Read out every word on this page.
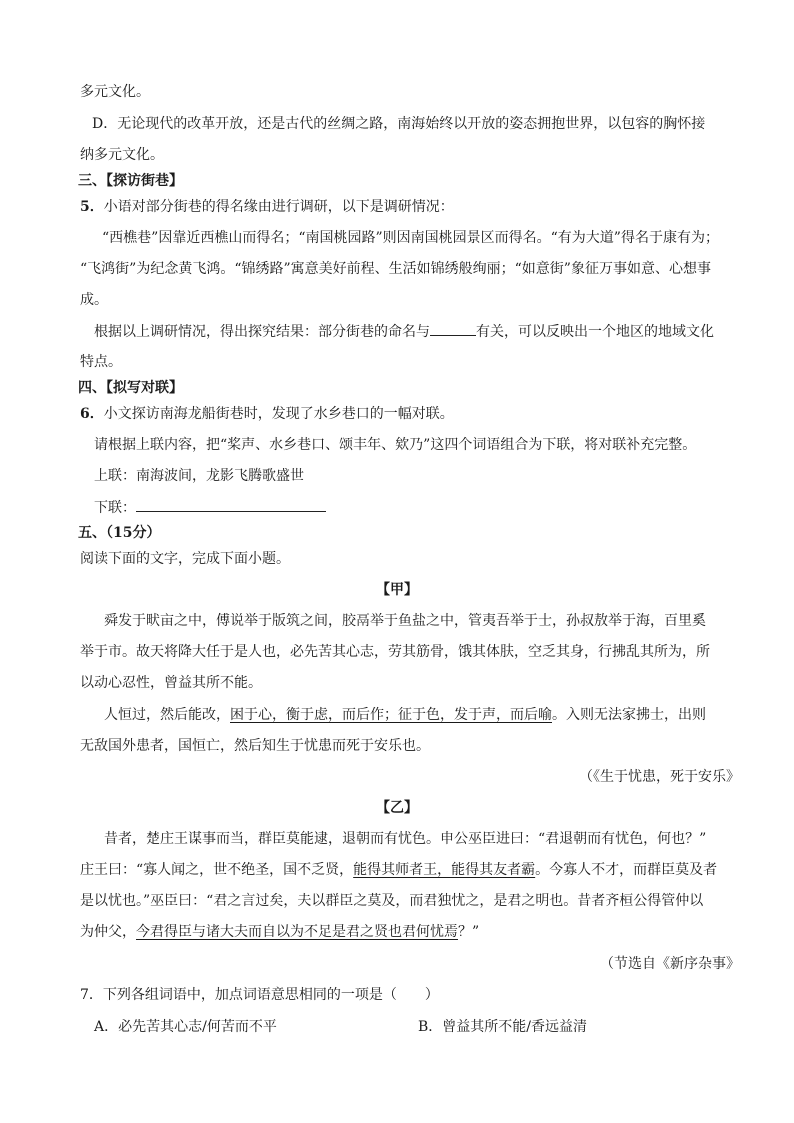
多元文化。
D．无论现代的改革开放，还是古代的丝绸之路，南海始终以开放的姿态拥抱世界，以包容的胸怀接
纳多元文化。
三、【探访街巷】
5．小语对部分街巷的得名缘由进行调研，以下是调研情况：
“西樵巷”因靠近西樵山而得名；“南国桃园路”则因南国桃园景区而得名。“有为大道”得名于康有为；
“飞鸿街”为纪念黄飞鸿。“锦绣路”寓意美好前程、生活如锦绣般绚丽；“如意街”象征万事如意、心想事
成。
根据以上调研情况，得出探究结果：部分街巷的命名与	有关，可以反映出一个地区的地域文化
特点。
四、【拟写对联】
6．小文探访南海龙船街巷时，发现了水乡巷口的一幅对联。
请根据上联内容，把“桨声、水乡巷口、颂丰年、欸乃”这四个词语组合为下联，将对联补充完整。
上联：南海波间，龙影飞腾歌盛世
下联：
五、（15分）
阅读下面的文字，完成下面小题。
【甲】
舜发于畎亩之中，傅说举于版筑之间，胶鬲举于鱼盐之中，管夷吾举于士，孙叔敖举于海，百里奚
举于市。故天将降大任于是人也，必先苦其心志，劳其筋骨，饿其体肤，空乏其身，行拂乱其所为，所
以动心忍性，曾益其所不能。
人恒过，然后能改，困于心，衡于虑，而后作；征于色，发于声，而后喻。入则无法家拂士，出则
无敌国外患者，国恒亡，然后知生于忧患而死于安乐也。
（《生于忧患，死于安乐》
【乙】
昔者，楚庄王谋事而当，群臣莫能逮，退朝而有忧色。申公巫臣进曰：“君退朝而有忧色，何也？”
庄王曰：“寡人闻之，世不绝圣，国不乏贤，能得其师者王，能得其友者霸。今寡人不才，而群臣莫及者
是以忧也。”巫臣曰：“君之言过矣，夫以群臣之莫及，而君独忧之，是君之明也。昔者齐桓公得管仲以
为仲父，今君得臣与诸大夫而自以为不足是君之贤也君何忧焉？”
（节选自《新序杂事》
7．下列各组词语中，加点词语意思相同的一项是（　　）
A．必先苦其心志/何苦而不平	B．曾益其所不能/香远益清
